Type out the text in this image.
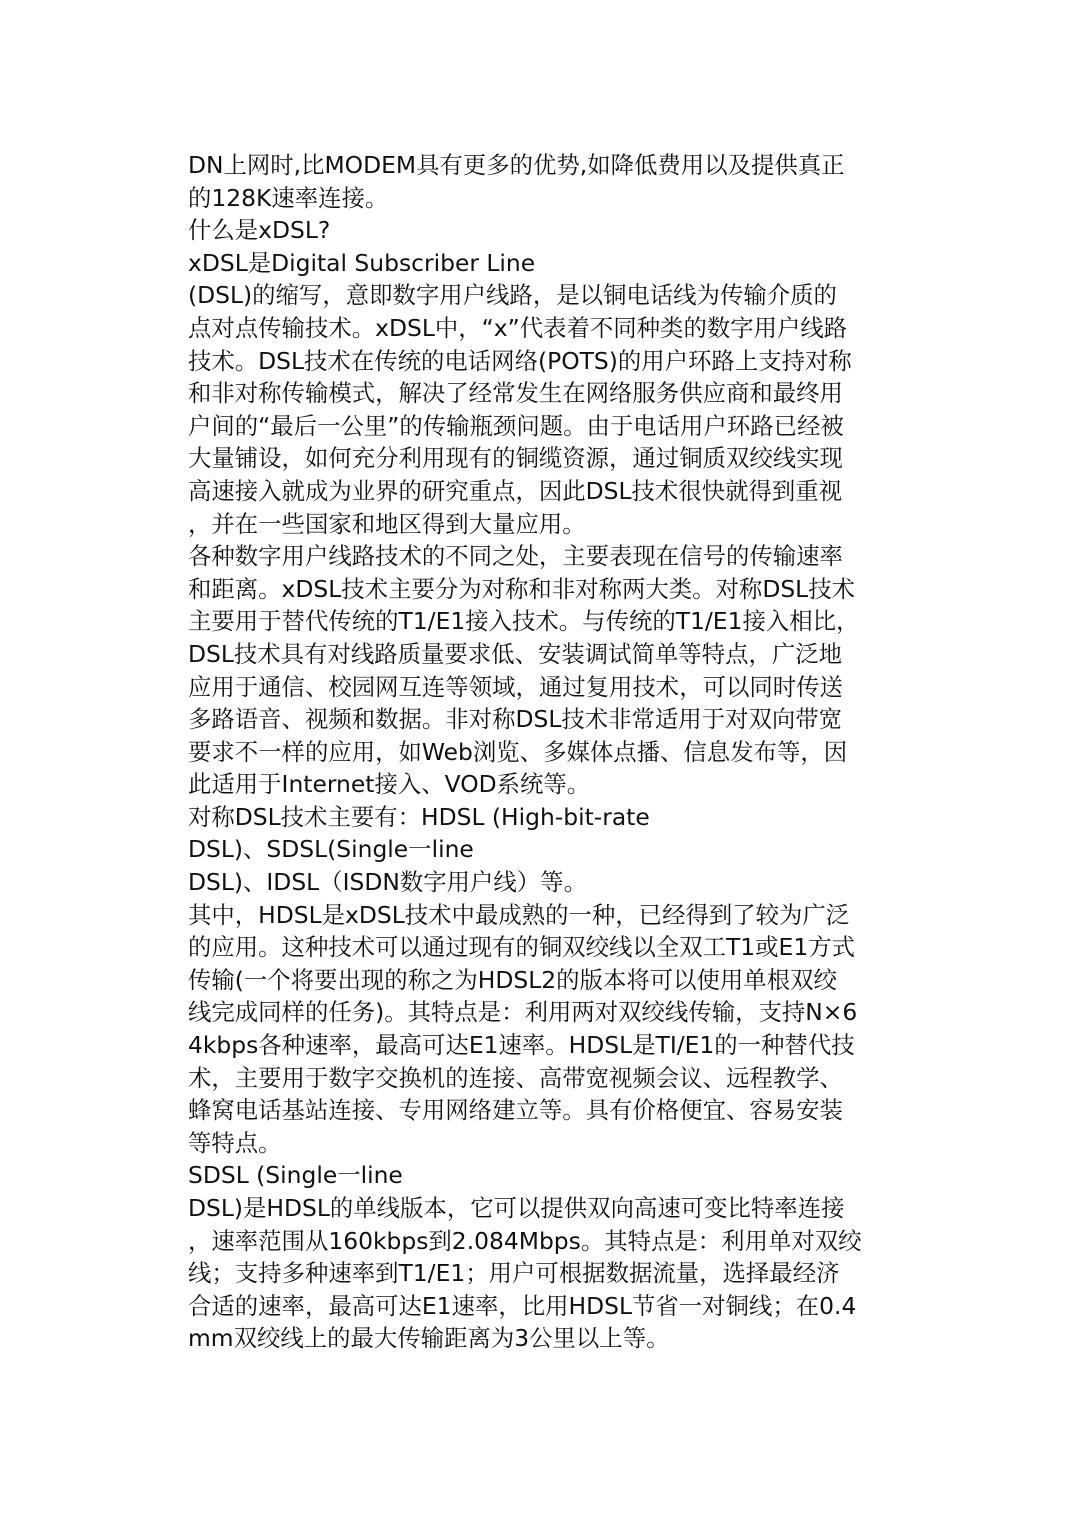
DN上网时,比MODEM具有更多的优势,如降低费用以及提供真正
的128K速率连接。
什么是xDSL?
xDSL是Digital Subscriber Line
(DSL)的缩写，意即数字用户线路，是以铜电话线为传输介质的
点对点传输技术。xDSL中，“x”代表着不同种类的数字用户线路
技术。DSL技术在传统的电话网络(POTS)的用户环路上支持对称
和非对称传输模式，解决了经常发生在网络服务供应商和最终用
户间的“最后一公里”的传输瓶颈问题。由于电话用户环路已经被
大量铺设，如何充分利用现有的铜缆资源，通过铜质双绞线实现
高速接入就成为业界的研究重点，因此DSL技术很快就得到重视
，并在一些国家和地区得到大量应用。
各种数字用户线路技术的不同之处，主要表现在信号的传输速率
和距离。xDSL技术主要分为对称和非对称两大类。对称DSL技术
主要用于替代传统的T1/E1接入技术。与传统的T1/E1接入相比，
DSL技术具有对线路质量要求低、安装调试简单等特点，广泛地
应用于通信、校园网互连等领域，通过复用技术，可以同时传送
多路语音、视频和数据。非对称DSL技术非常适用于对双向带宽
要求不一样的应用，如Web浏览、多媒体点播、信息发布等，因
此适用于Internet接入、VOD系统等。
对称DSL技术主要有：HDSL (High-bit-rate
DSL)、SDSL(Single一line
DSL)、IDSL（ISDN数字用户线）等。
其中，HDSL是xDSL技术中最成熟的一种，已经得到了较为广泛
的应用。这种技术可以通过现有的铜双绞线以全双工T1或E1方式
传输(一个将要出现的称之为HDSL2的版本将可以使用单根双绞
线完成同样的任务)。其特点是：利用两对双绞线传输，支持N×6
4kbps各种速率，最高可达E1速率。HDSL是TI/E1的一种替代技
术，主要用于数字交换机的连接、高带宽视频会议、远程教学、
蜂窝电话基站连接、专用网络建立等。具有价格便宜、容易安装
等特点。
SDSL (Single一line
DSL)是HDSL的单线版本，它可以提供双向高速可变比特率连接
，速率范围从160kbps到2.084Mbps。其特点是：利用单对双绞
线；支持多种速率到T1/E1；用户可根据数据流量，选择最经济
合适的速率，最高可达E1速率，比用HDSL节省一对铜线；在0.4
mm双绞线上的最大传输距离为3公里以上等。
